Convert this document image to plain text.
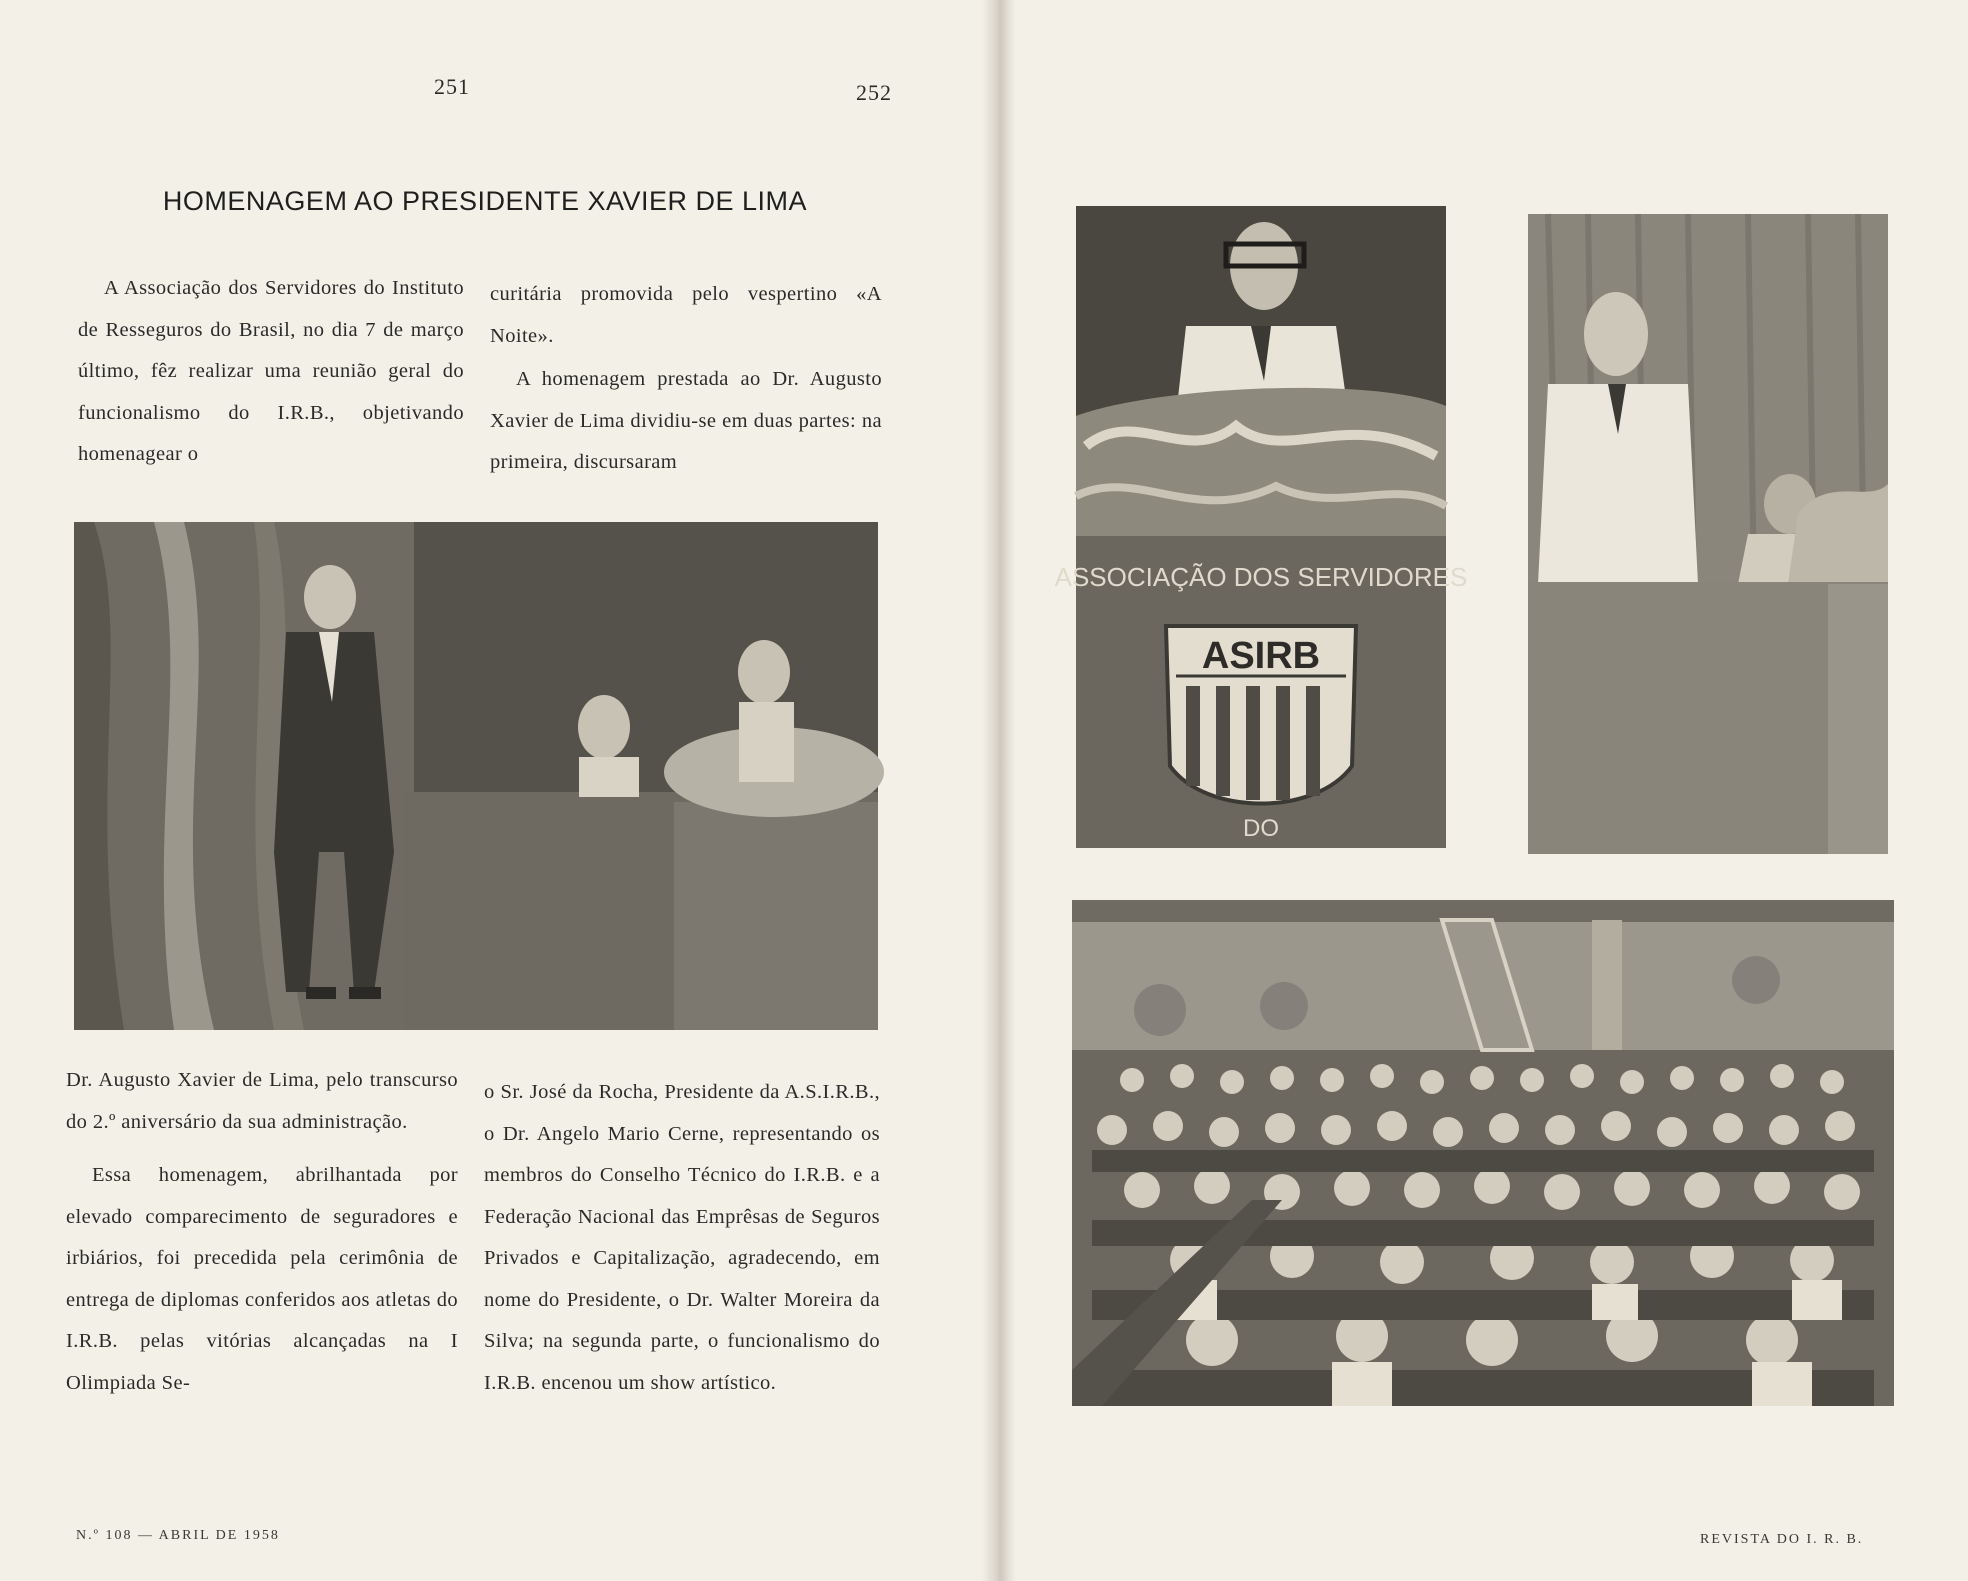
251	252
HOMENAGEM AO PRESIDENTE XAVIER DE LIMA

A Associação dos Servidores do Instituto de Resseguros do Brasil, no dia 7 de março último, fêz realizar uma reunião geral do funcionalismo do I.R.B., objetivando homenagear o

curitária promovida pelo vespertino «A Noite».

A homenagem prestada ao Dr. Augusto Xavier de Lima dividiu-se em duas partes: na primeira, discursaram

Dr. Augusto Xavier de Lima, pelo transcurso do 2.º aniversário da sua administração.

Essa homenagem, abrilhantada por elevado comparecimento de seguradores e irbiários, foi precedida pela cerimônia de entrega de diplomas conferidos aos atletas do I.R.B. pelas vitórias alcançadas na I Olimpiada Se-

o Sr. José da Rocha, Presidente da A.S.I.R.B., o Dr. Angelo Mario Cerne, representando os membros do Conselho Técnico do I.R.B. e a Federação Nacional das Emprêsas de Seguros Privados e Capitalização, agradecendo, em nome do Presidente, o Dr. Walter Moreira da Silva; na segunda parte, o funcionalismo do I.R.B. encenou um show artístico.

N.º 108 — ABRIL DE 1958
ASIRB
ASSOCIAÇÃO DOS SERVIDORES
DO
REVISTA DO I. R. B.
